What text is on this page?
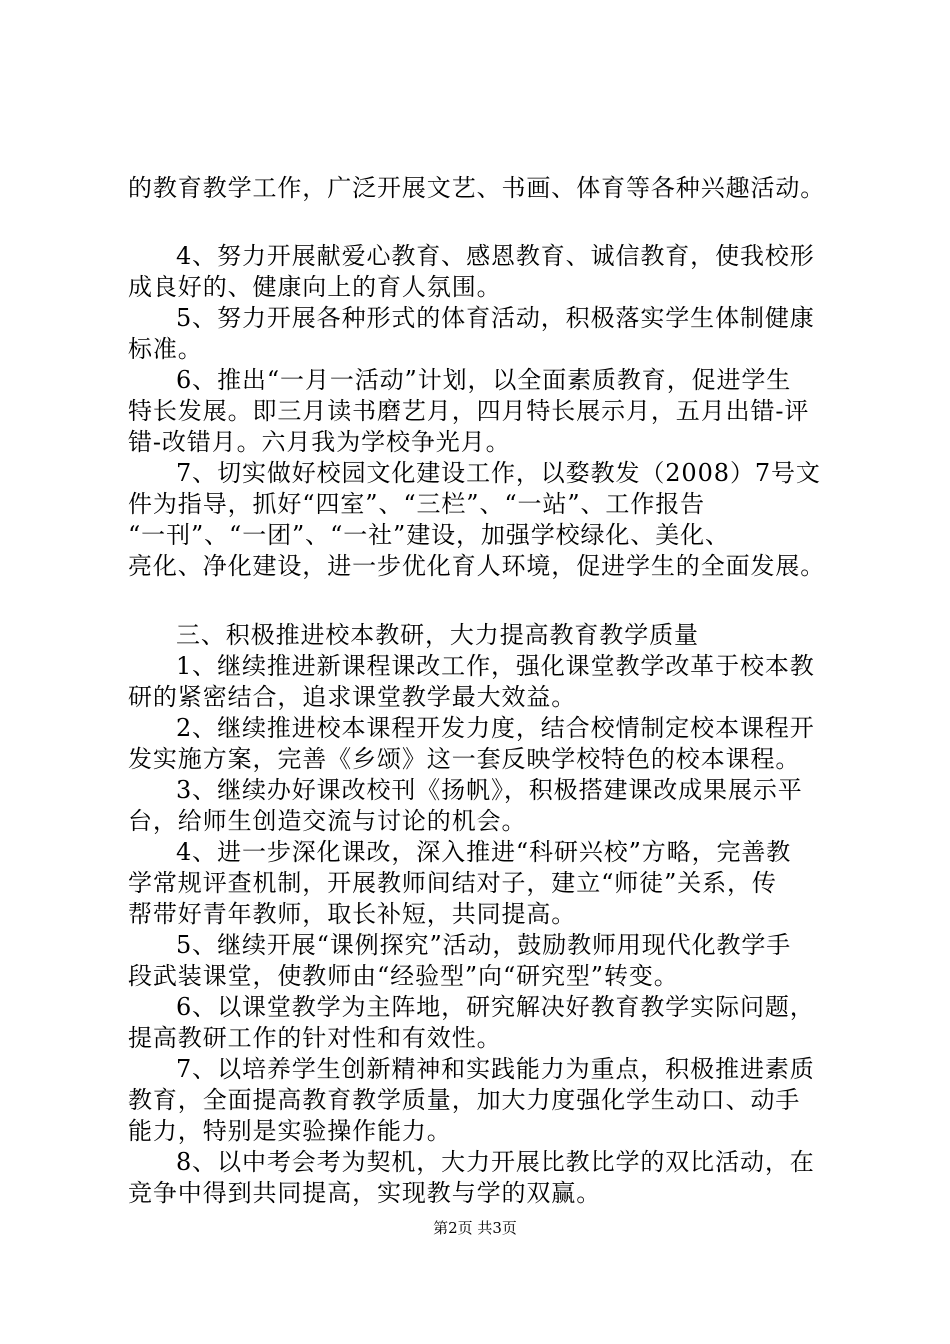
的教育教学工作，广泛开展文艺、书画、体育等各种兴趣活动。
4、努力开展献爱心教育、感恩教育、诚信教育，使我校形
成良好的、健康向上的育人氛围。
5、努力开展各种形式的体育活动，积极落实学生体制健康
标准。
6、推出“一月一活动”计划，以全面素质教育，促进学生
特长发展。即三月读书磨艺月，四月特长展示月，五月出错-评
错-改错月。六月我为学校争光月。
7、切实做好校园文化建设工作，以婺教发（2008）7号文
件为指导，抓好“四室”、“三栏”、“一站”、工作报告
“一刊”、“一团”、“一社”建设，加强学校绿化、美化、
亮化、净化建设，进一步优化育人环境，促进学生的全面发展。
三、积极推进校本教研，大力提高教育教学质量
1、继续推进新课程课改工作，强化课堂教学改革于校本教
研的紧密结合，追求课堂教学最大效益。
2、继续推进校本课程开发力度，结合校情制定校本课程开
发实施方案，完善《乡颂》这一套反映学校特色的校本课程。
3、继续办好课改校刊《扬帆》，积极搭建课改成果展示平
台，给师生创造交流与讨论的机会。
4、进一步深化课改，深入推进“科研兴校”方略，完善教
学常规评查机制，开展教师间结对子，建立“师徒”关系，传
帮带好青年教师，取长补短，共同提高。
5、继续开展“课例探究”活动，鼓励教师用现代化教学手
段武装课堂，使教师由“经验型”向“研究型”转变。
6、以课堂教学为主阵地，研究解决好教育教学实际问题，
提高教研工作的针对性和有效性。
7、以培养学生创新精神和实践能力为重点，积极推进素质
教育，全面提高教育教学质量，加大力度强化学生动口、动手
能力，特别是实验操作能力。
8、以中考会考为契机，大力开展比教比学的双比活动，在
竞争中得到共同提高，实现教与学的双赢。
第2页 共3页
